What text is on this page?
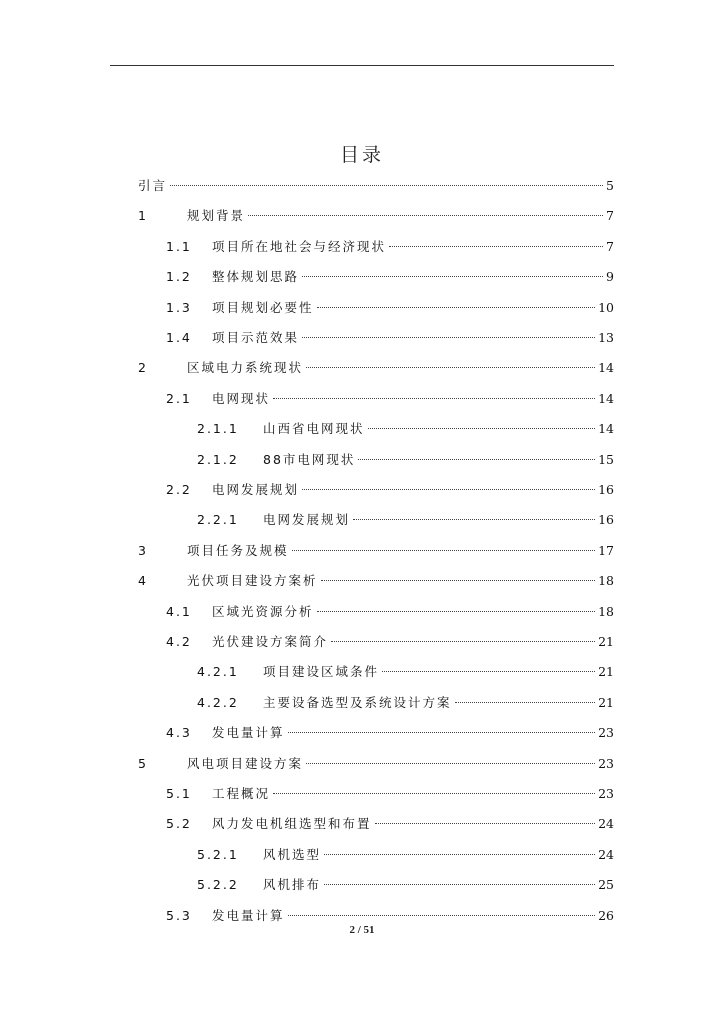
目录
引言	5
1	规划背景	7
1.1	项目所在地社会与经济现状	7
1.2	整体规划思路	9
1.3	项目规划必要性	10
1.4	项目示范效果	13
2	区域电力系统现状	14
2.1	电网现状	14
2.1.1	山西省电网现状	14
2.1.2	88市电网现状	15
2.2	电网发展规划	16
2.2.1	电网发展规划	16
3	项目任务及规模	17
4	光伏项目建设方案析	18
4.1	区域光资源分析	18
4.2	光伏建设方案简介	21
4.2.1	项目建设区域条件	21
4.2.2	主要设备选型及系统设计方案	21
4.3	发电量计算	23
5	风电项目建设方案	23
5.1	工程概况	23
5.2	风力发电机组选型和布置	24
5.2.1	风机选型	24
5.2.2	风机排布	25
5.3	发电量计算	26
2 / 51
